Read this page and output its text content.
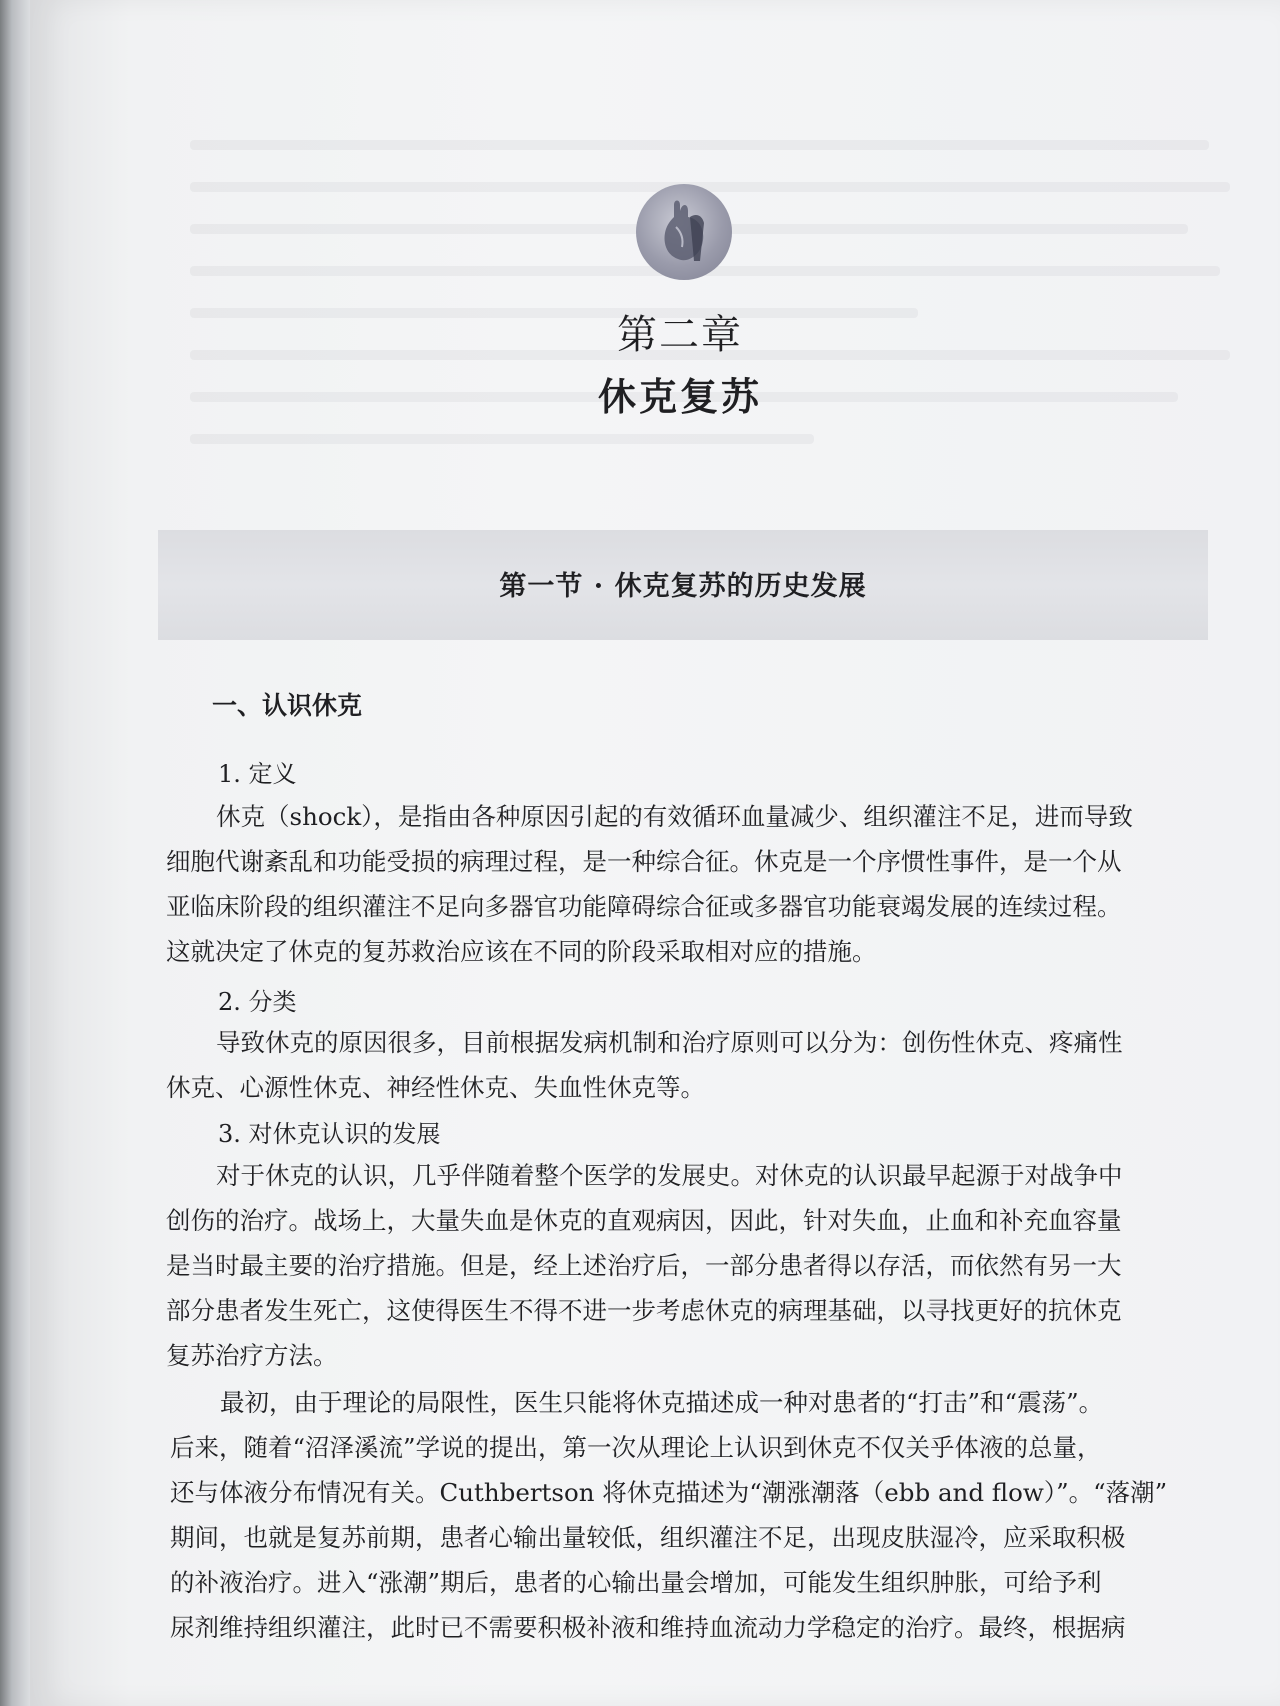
第二章
休克复苏
第一节 · 休克复苏的历史发展
一、认识休克
1. 定义
休克（shock），是指由各种原因引起的有效循环血量减少、组织灌注不足，进而导致
细胞代谢紊乱和功能受损的病理过程，是一种综合征。休克是一个序惯性事件，是一个从
亚临床阶段的组织灌注不足向多器官功能障碍综合征或多器官功能衰竭发展的连续过程。
这就决定了休克的复苏救治应该在不同的阶段采取相对应的措施。
2. 分类
导致休克的原因很多，目前根据发病机制和治疗原则可以分为：创伤性休克、疼痛性
休克、心源性休克、神经性休克、失血性休克等。
3. 对休克认识的发展
对于休克的认识，几乎伴随着整个医学的发展史。对休克的认识最早起源于对战争中
创伤的治疗。战场上，大量失血是休克的直观病因，因此，针对失血，止血和补充血容量
是当时最主要的治疗措施。但是，经上述治疗后，一部分患者得以存活，而依然有另一大
部分患者发生死亡，这使得医生不得不进一步考虑休克的病理基础，以寻找更好的抗休克
复苏治疗方法。
最初，由于理论的局限性，医生只能将休克描述成一种对患者的“打击”和“震荡”。
后来，随着“沼泽溪流”学说的提出，第一次从理论上认识到休克不仅关乎体液的总量，
还与体液分布情况有关。Cuthbertson 将休克描述为“潮涨潮落（ebb and flow）”。“落潮”
期间，也就是复苏前期，患者心输出量较低，组织灌注不足，出现皮肤湿冷，应采取积极
的补液治疗。进入“涨潮”期后，患者的心输出量会增加，可能发生组织肿胀，可给予利
尿剂维持组织灌注，此时已不需要积极补液和维持血流动力学稳定的治疗。最终，根据病
